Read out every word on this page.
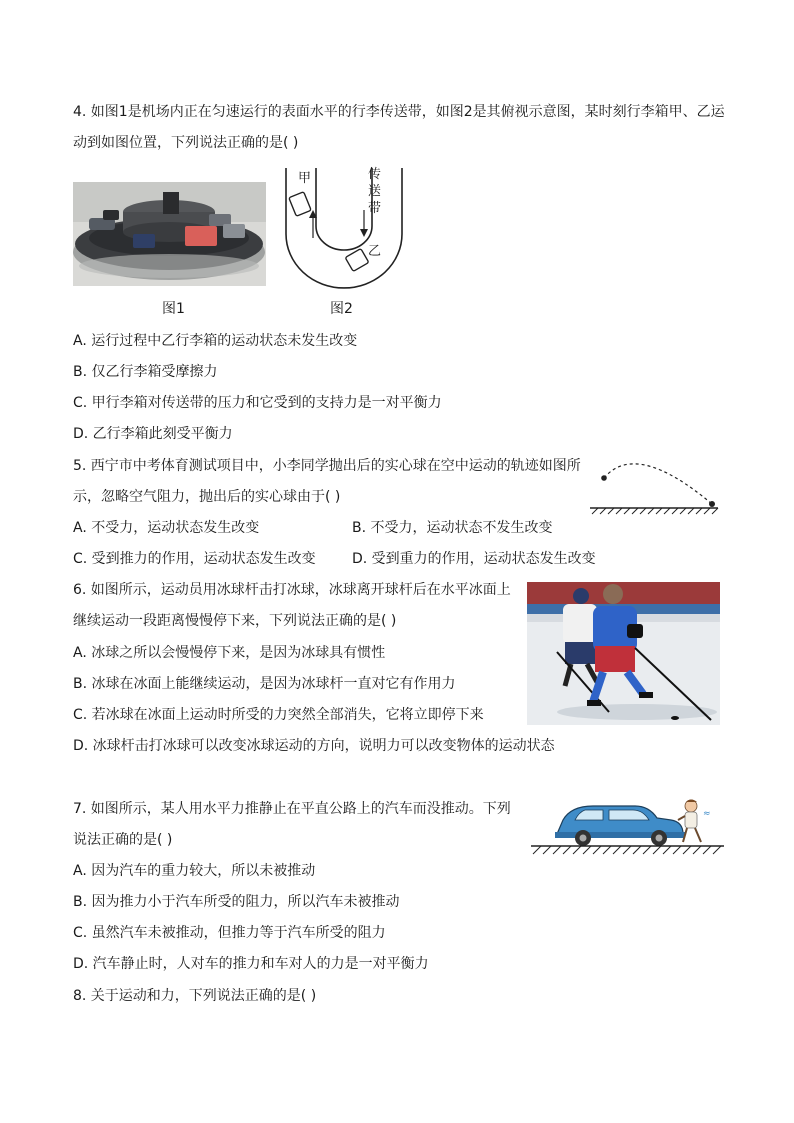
4. 如图1是机场内正在匀速运行的表面水平的行李传送带，如图2是其俯视示意图，某时刻行李箱甲、乙运
动到如图位置，下列说法正确的是( )
甲
乙
传
送
带
图1	图2
A. 运行过程中乙行李箱的运动状态未发生改变
B. 仅乙行李箱受摩擦力
C. 甲行李箱对传送带的压力和它受到的支持力是一对平衡力
D. 乙行李箱此刻受平衡力
5. 西宁市中考体育测试项目中，小李同学抛出后的实心球在空中运动的轨迹如图所
示，忽略空气阻力，抛出后的实心球由于( )
A. 不受力，运动状态发生改变	B. 不受力，运动状态不发生改变
C. 受到推力的作用，运动状态发生改变	D. 受到重力的作用，运动状态发生改变
6. 如图所示，运动员用冰球杆击打冰球，冰球离开球杆后在水平冰面上
继续运动一段距离慢慢停下来，下列说法正确的是( )
A. 冰球之所以会慢慢停下来，是因为冰球具有惯性
B. 冰球在冰面上能继续运动，是因为冰球杆一直对它有作用力
C. 若冰球在冰面上运动时所受的力突然全部消失，它将立即停下来
D. 冰球杆击打冰球可以改变冰球运动的方向，说明力可以改变物体的运动状态
7. 如图所示，某人用水平力推静止在平直公路上的汽车而没推动。下列
说法正确的是( )
≈
A. 因为汽车的重力较大，所以未被推动
B. 因为推力小于汽车所受的阻力，所以汽车未被推动
C. 虽然汽车未被推动，但推力等于汽车所受的阻力
D. 汽车静止时，人对车的推力和车对人的力是一对平衡力
8. 关于运动和力，下列说法正确的是( )
